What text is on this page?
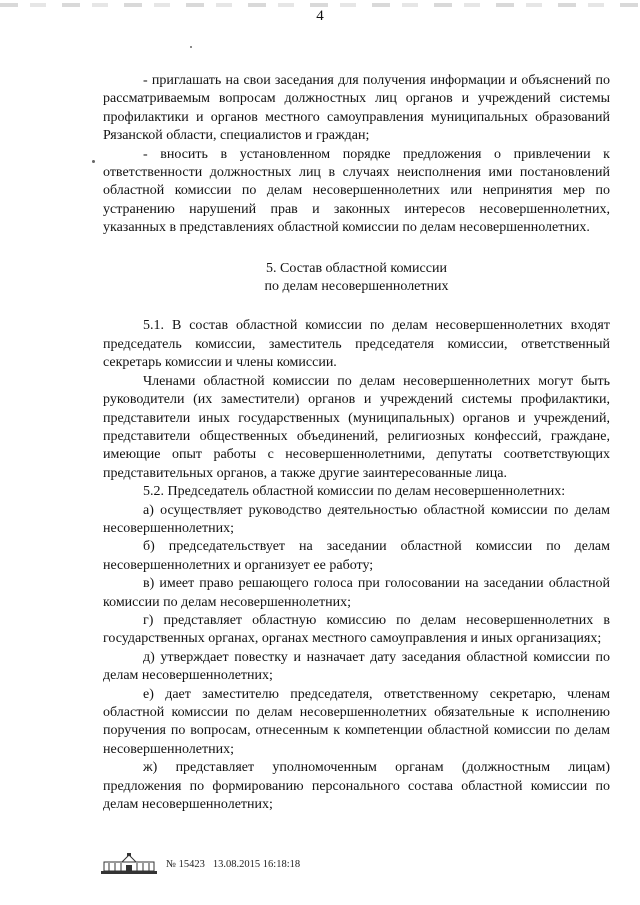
4

- приглашать на свои заседания для получения информации и объяснений по рассматриваемым вопросам должностных лиц органов и учреждений системы профилактики и органов местного самоуправления муниципальных образований Рязанской области, специалистов и граждан;

- вносить в установленном порядке предложения о привлечении к ответственности должностных лиц в случаях неисполнения ими постановлений областной комиссии по делам несовершеннолетних или непринятия мер по устранению нарушений прав и законных интересов несовершеннолетних, указанных в представлениях областной комиссии по делам несовершеннолетних.

5. Состав областной комиссии
по делам несовершеннолетних

5.1. В состав областной комиссии по делам несовершеннолетних входят председатель комиссии, заместитель председателя комиссии, ответственный секретарь комиссии и члены комиссии.

Членами областной комиссии по делам несовершеннолетних могут быть руководители (их заместители) органов и учреждений системы профилактики, представители иных государственных (муниципальных) органов и учреждений, представители общественных объединений, религиозных конфессий, граждане, имеющие опыт работы с несовершеннолетними, депутаты соответствующих представительных органов, а также другие заинтересованные лица.

5.2. Председатель областной комиссии по делам несовершеннолетних:

а) осуществляет руководство деятельностью областной комиссии по делам несовершеннолетних;

б) председательствует на заседании областной комиссии по делам несовершеннолетних и организует ее работу;

в) имеет право решающего голоса при голосовании на заседании областной комиссии по делам несовершеннолетних;

г) представляет областную комиссию по делам несовершеннолетних в государственных органах, органах местного самоуправления и иных организациях;

д) утверждает повестку и назначает дату заседания областной комиссии по делам несовершеннолетних;

е) дает заместителю председателя, ответственному секретарю, членам областной комиссии по делам несовершеннолетних обязательные к исполнению поручения по вопросам, отнесенным к компетенции областной комиссии по делам несовершеннолетних;

ж) представляет уполномоченным органам (должностным лицам) предложения по формированию персонального состава областной комиссии по делам несовершеннолетних;

№ 15423 13.08.2015 16:18:18
